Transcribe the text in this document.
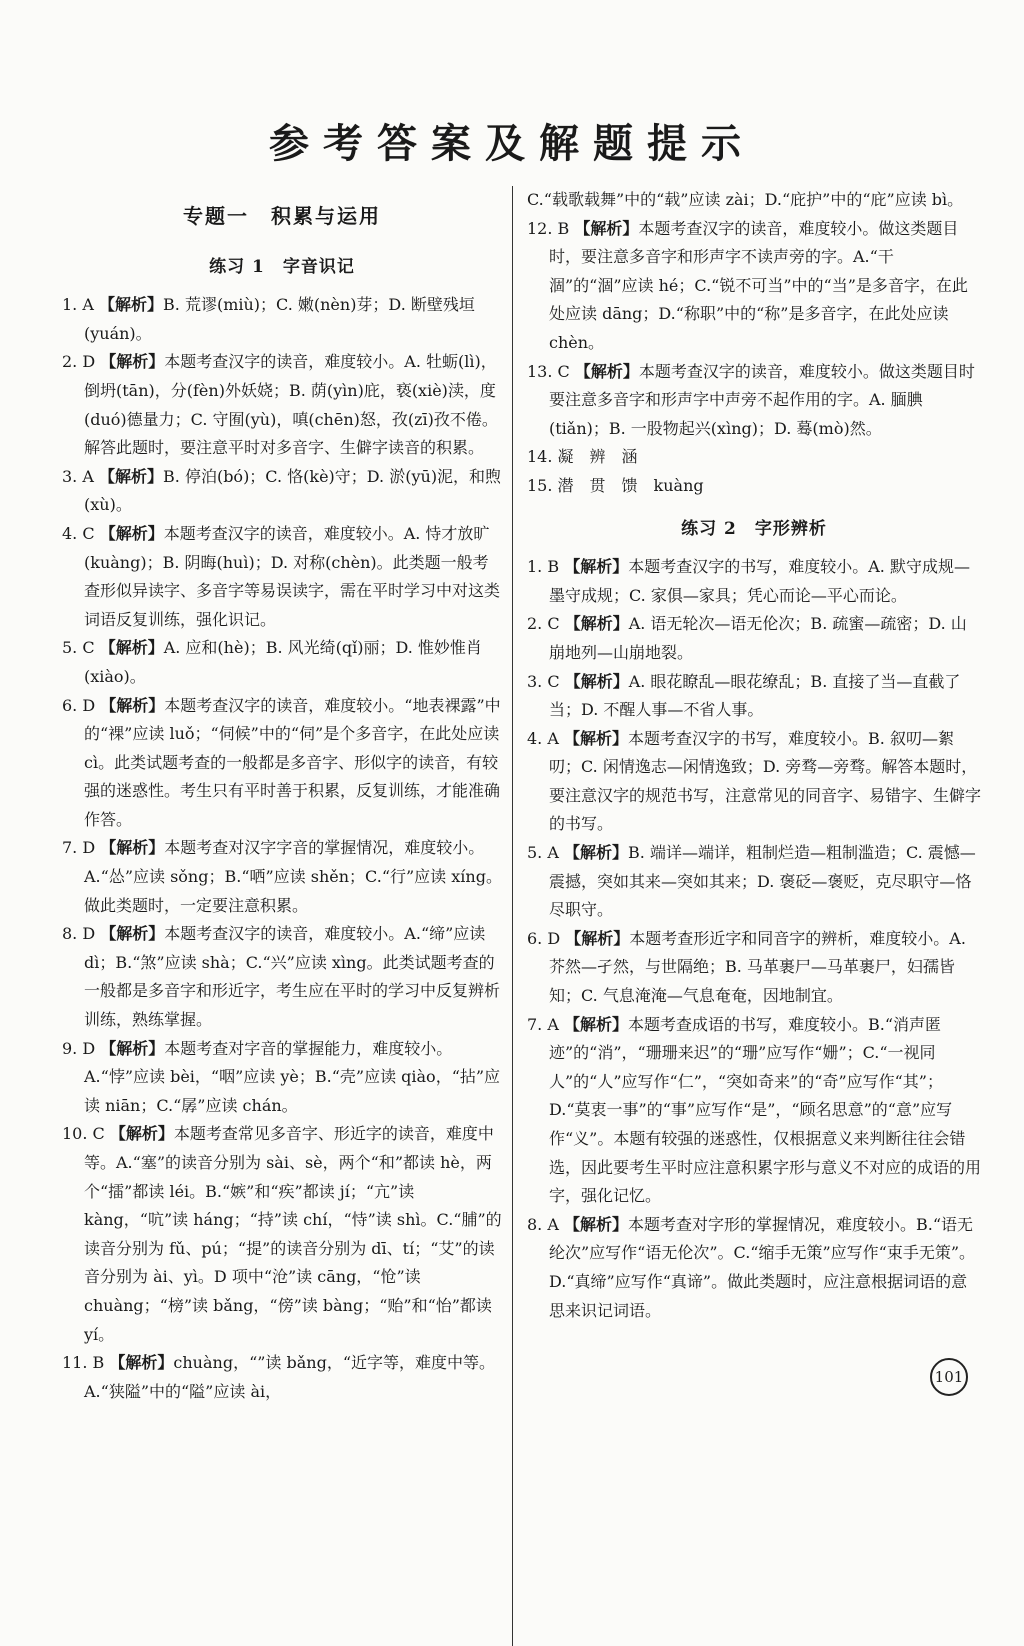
参考答案及解题提示
专题一　积累与运用
练习 1　字音识记

1. A 【解析】B. 荒谬(miù)；C. 嫩(nèn)芽；D. 断壁残垣(yuán)。

2. D 【解析】本题考查汉字的读音，难度较小。A. 牡蛎(lì)，倒坍(tān)，分(fèn)外妖娆；B. 荫(yìn)庇，亵(xiè)渎，度(duó)德量力；C. 守囿(yù)，嗔(chēn)怒，孜(zī)孜不倦。解答此题时，要注意平时对多音字、生僻字读音的积累。

3. A 【解析】B. 停泊(bó)；C. 恪(kè)守；D. 淤(yū)泥，和煦(xù)。

4. C 【解析】本题考查汉字的读音，难度较小。A. 恃才放旷(kuàng)；B. 阴晦(huì)；D. 对称(chèn)。此类题一般考查形似异读字、多音字等易误读字，需在平时学习中对这类词语反复训练，强化识记。

5. C 【解析】A. 应和(hè)；B. 风光绮(qǐ)丽；D. 惟妙惟肖(xiào)。

6. D 【解析】本题考查汉字的读音，难度较小。“地表裸露”中的“裸”应读 luǒ；“伺候”中的“伺”是个多音字，在此处应读 cì。此类试题考查的一般都是多音字、形似字的读音，有较强的迷惑性。考生只有平时善于积累，反复训练，才能准确作答。

7. D 【解析】本题考查对汉字字音的掌握情况，难度较小。A.“怂”应读 sǒng；B.“哂”应读 shěn；C.“行”应读 xíng。做此类题时，一定要注意积累。

8. D 【解析】本题考查汉字的读音，难度较小。A.“缔”应读 dì；B.“煞”应读 shà；C.“兴”应读 xìng。此类试题考查的一般都是多音字和形近字，考生应在平时的学习中反复辨析训练，熟练掌握。

9. D 【解析】本题考查对字音的掌握能力，难度较小。A.“悖”应读 bèi，“咽”应读 yè；B.“壳”应读 qiào，“拈”应读 niān；C.“孱”应读 chán。

10. C 【解析】本题考查常见多音字、形近字的读音，难度中等。A.“塞”的读音分别为 sài、sè，两个“和”都读 hè，两个“擂”都读 léi。B.“嫉”和“疾”都读 jí；“亢”读 kàng，“吭”读 háng；“持”读 chí，“恃”读 shì。C.“脯”的读音分别为 fǔ、pú；“提”的读音分别为 dī、tí；“艾”的读音分别为 ài、yì。D 项中“沧”读 cāng，“怆”读 chuàng；“榜”读 bǎng，“傍”读 bàng；“贻”和“怡”都读 yí。

11. B 【解析】chuàng，“”读 bǎng，“近字等，难度中等。A.“狭隘”中的“隘”应读 ài，

C.“载歌载舞”中的“载”应读 zài；D.“庇护”中的“庇”应读 bì。

12. B 【解析】本题考查汉字的读音，难度较小。做这类题目时，要注意多音字和形声字不读声旁的字。A.“干涸”的“涸”应读 hé；C.“锐不可当”中的“当”是多音字，在此处应读 dāng；D.“称职”中的“称”是多音字，在此处应读 chèn。

13. C 【解析】本题考查汉字的读音，难度较小。做这类题目时要注意多音字和形声字中声旁不起作用的字。A. 腼腆(tiǎn)；B. 一股物起兴(xìng)；D. 蓦(mò)然。

14. 凝　辨　涵

15. 潜　贯　馈　kuàng

练习 2　字形辨析

1. B 【解析】本题考查汉字的书写，难度较小。A. 默守成规—墨守成规；C. 家俱—家具；凭心而论—平心而论。

2. C 【解析】A. 语无轮次—语无伦次；B. 疏蜜—疏密；D. 山崩地列—山崩地裂。

3. C 【解析】A. 眼花瞭乱—眼花缭乱；B. 直接了当—直截了当；D. 不醒人事—不省人事。

4. A 【解析】本题考查汉字的书写，难度较小。B. 叙叨—絮叨；C. 闲情逸志—闲情逸致；D. 旁骛—旁骛。解答本题时，要注意汉字的规范书写，注意常见的同音字、易错字、生僻字的书写。

5. A 【解析】B. 端详—端详，粗制烂造—粗制滥造；C. 震憾—震撼，突如其来—突如其来；D. 褒砭—褒贬，克尽职守—恪尽职守。

6. D 【解析】本题考查形近字和同音字的辨析，难度较小。A. 芥然—孑然，与世隔绝；B. 马革裹尸—马革裹尸，妇孺皆知；C. 气息淹淹—气息奄奄，因地制宜。

7. A 【解析】本题考查成语的书写，难度较小。B.“消声匿迹”的“消”，“珊珊来迟”的“珊”应写作“姗”；C.“一视同人”的“人”应写作“仁”，“突如奇来”的“奇”应写作“其”；D.“莫衷一事”的“事”应写作“是”，“顾名思意”的“意”应写作“义”。本题有较强的迷惑性，仅根据意义来判断往往会错选，因此要考生平时应注意积累字形与意义不对应的成语的用字，强化记忆。

8. A 【解析】本题考查对字形的掌握情况，难度较小。B.“语无纶次”应写作“语无伦次”。C.“缩手无策”应写作“束手无策”。D.“真缔”应写作“真谛”。做此类题时，应注意根据词语的意思来识记词语。

101
